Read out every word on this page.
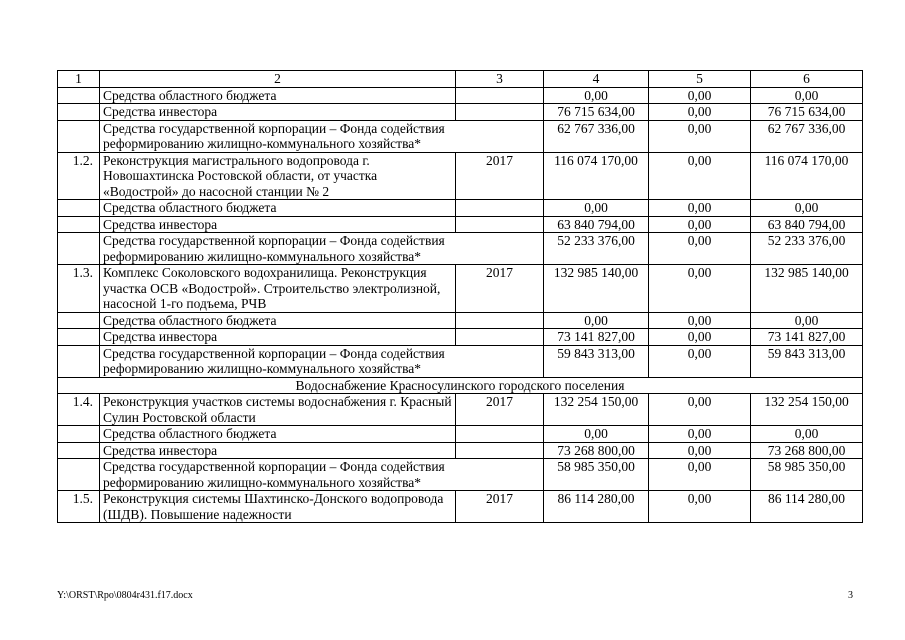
1	2	3	4	5	6
	Средства областного бюджета		0,00	0,00	0,00
	Средства инвестора		76 715 634,00	0,00	76 715 634,00
	Средства государственной корпорации – Фонда содействия реформированию жилищно-коммунального хозяйства*		62 767 336,00	0,00	62 767 336,00
1.2.	Реконструкция магистрального водопровода г. Новошахтинска Ростовской области, от участка «Водострой» до насосной станции № 2	2017	116 074 170,00	0,00	116 074 170,00
	Средства областного бюджета		0,00	0,00	0,00
	Средства инвестора		63 840 794,00	0,00	63 840 794,00
	Средства государственной корпорации – Фонда содействия реформированию жилищно-коммунального хозяйства*		52 233 376,00	0,00	52 233 376,00
1.3.	Комплекс Соколовского водохранилища. Реконструкция участка ОСВ «Водострой». Строительство электролизной, насосной 1-го подъема, РЧВ	2017	132 985 140,00	0,00	132 985 140,00
	Средства областного бюджета		0,00	0,00	0,00
	Средства инвестора		73 141 827,00	0,00	73 141 827,00
	Средства государственной корпорации – Фонда содействия реформированию жилищно-коммунального хозяйства*		59 843 313,00	0,00	59 843 313,00
Водоснабжение Красносулинского городского поселения					
1.4.	Реконструкция участков системы водоснабжения г. Красный Сулин Ростовской области	2017	132 254 150,00	0,00	132 254 150,00
	Средства областного бюджета		0,00	0,00	0,00
	Средства инвестора		73 268 800,00	0,00	73 268 800,00
	Средства государственной корпорации – Фонда содействия реформированию жилищно-коммунального хозяйства*		58 985 350,00	0,00	58 985 350,00
1.5.	Реконструкция системы Шахтинско-Донского водопровода (ШДВ). Повышение надежности	2017	86 114 280,00	0,00	86 114 280,00
Y:\ORST\Rpo\0804r431.f17.docx	3
